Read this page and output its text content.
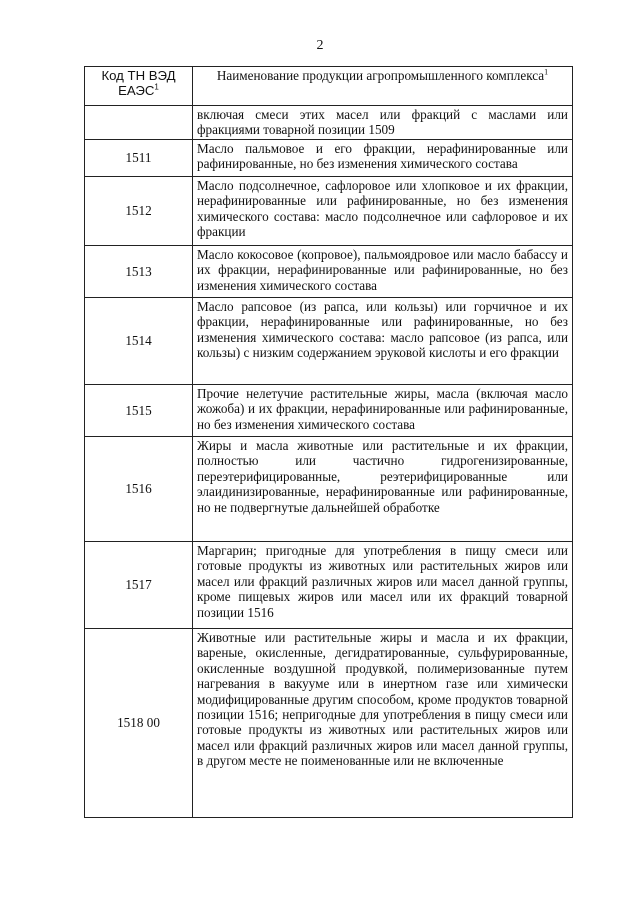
2
Код ТН ВЭД ЕАЭС$^1$	Наименование продукции агропромышленного комплекса$^1$
	включая смеси этих масел или фракций с маслами или фракциями товарной позиции 1509
1511	Масло пальмовое и его фракции, нерафинированные или рафинированные, но без изменения химического состава
1512	Масло подсолнечное, сафлоровое или хлопковое и их фракции, нерафинированные или рафинированные, но без изменения химического состава: масло подсолнечное или сафлоровое и их фракции
1513	Масло кокосовое (копровое), пальмоядровое или масло бабассу и их фракции, нерафинированные или рафинированные, но без изменения химического состава
1514	Масло рапсовое (из рапса, или кользы) или горчичное и их фракции, нерафинированные или рафинированные, но без изменения химического состава: масло рапсовое (из рапса, или кользы) с низким содержанием эруковой кислоты и его фракции
1515	Прочие нелетучие растительные жиры, масла (включая масло жожоба) и их фракции, нерафинированные или рафинированные, но без изменения химического состава
1516	Жиры и масла животные или растительные и их фракции, полностью или частично гидрогенизированные, переэтерифицированные, реэтерифицированные или элаидинизированные, нерафинированные или рафинированные, но не подвергнутые дальнейшей обработке
1517	Маргарин; пригодные для употребления в пищу смеси или готовые продукты из животных или растительных жиров или масел или фракций различных жиров или масел данной группы, кроме пищевых жиров или масел или их фракций товарной позиции 1516
1518 00	Животные или растительные жиры и масла и их фракции, вареные, окисленные, дегидратированные, сульфурированные, окисленные воздушной продувкой, полимеризованные путем нагревания в вакууме или в инертном газе или химически модифицированные другим способом, кроме продуктов товарной позиции 1516; непригодные для употребления в пищу смеси или готовые продукты из животных или растительных жиров или масел или фракций различных жиров или масел данной группы, в другом месте не поименованные или не включенные
